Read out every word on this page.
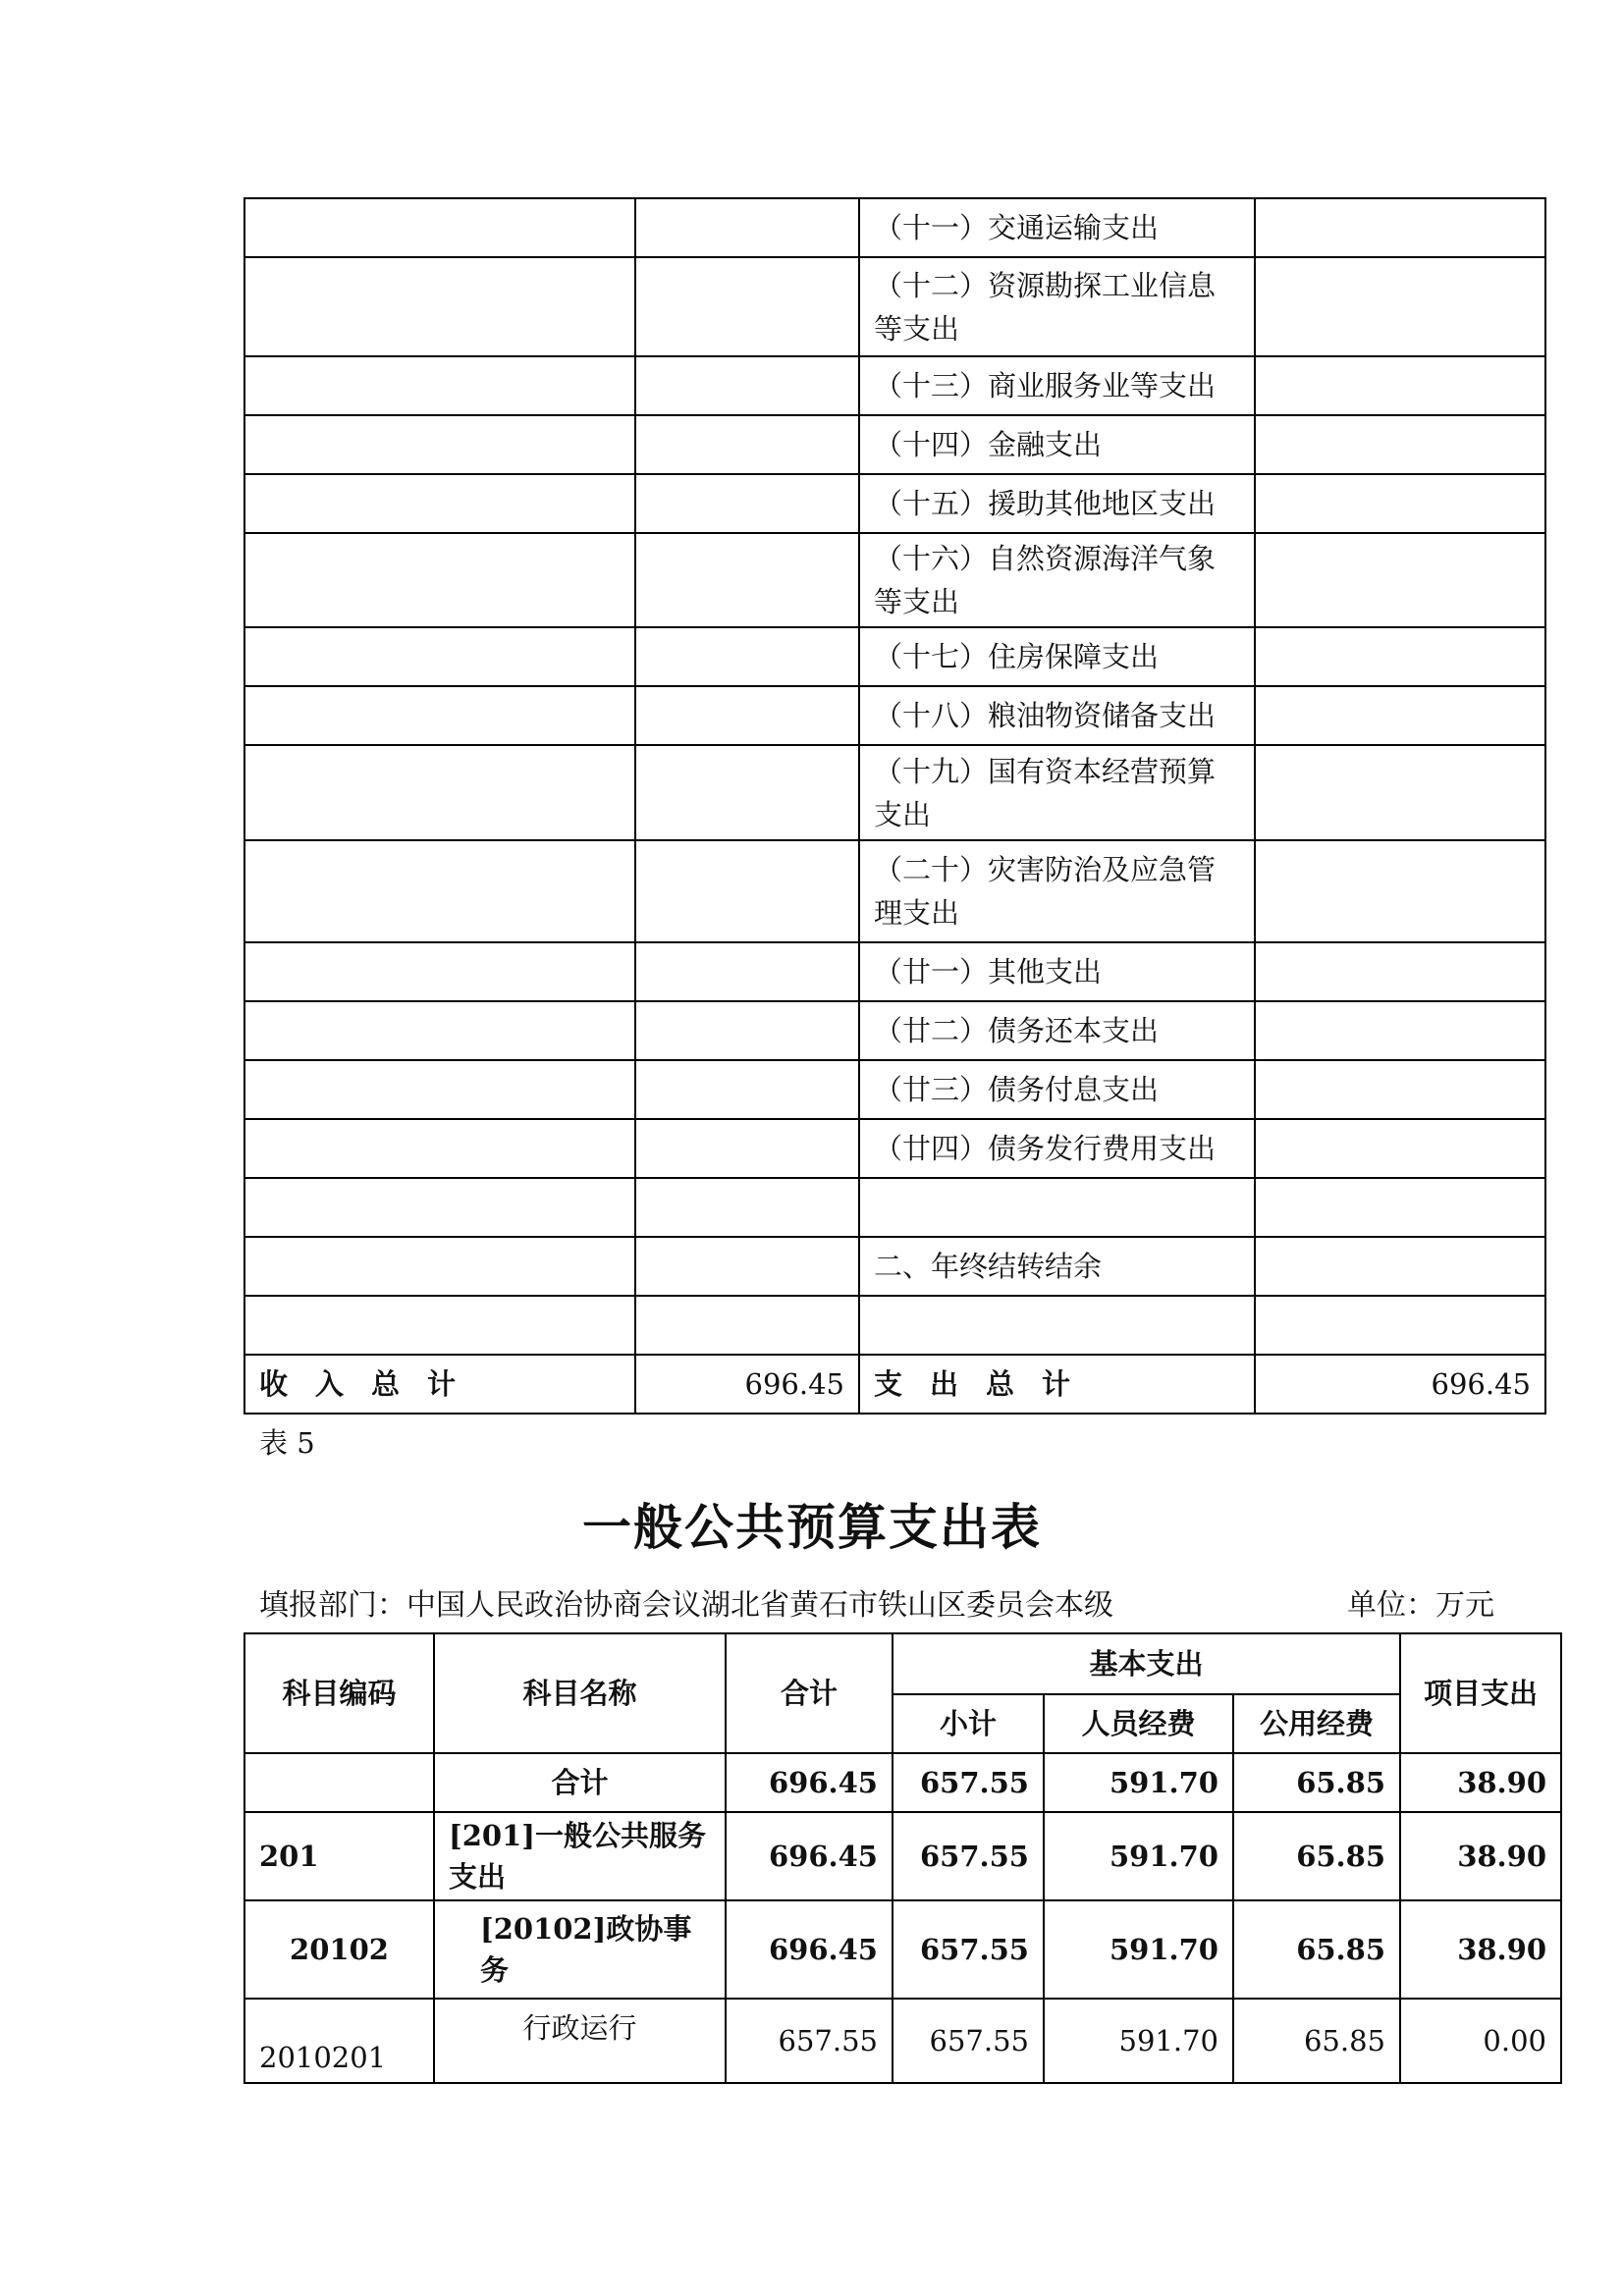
		（十一）交通运输支出	
		（十二）资源勘探工业信息等支出	
		（十三）商业服务业等支出	
		（十四）金融支出	
		（十五）援助其他地区支出	
		（十六）自然资源海洋气象等支出	
		（十七）住房保障支出	
		（十八）粮油物资储备支出	
		（十九）国有资本经营预算支出	
		（二十）灾害防治及应急管理支出	
		（廿一）其他支出	
		（廿二）债务还本支出	
		（廿三）债务付息支出	
		（廿四）债务发行费用支出	

		二、年终结转结余	

收入总计	696.45	支出总计	696.45
表 5
一般公共预算支出表
填报部门：中国人民政治协商会议湖北省黄石市铁山区委员会本级	单位：万元
科目编码	科目名称	合计	基本支出			项目支出
			小计	人员经费	公用经费	
	合计	696.45	657.55	591.70	65.85	38.90
201	[201]一般公共服务支出	696.45	657.55	591.70	65.85	38.90
20102	[20102]政协事务	696.45	657.55	591.70	65.85	38.90
2010201	行政运行	657.55	657.55	591.70	65.85	0.00
